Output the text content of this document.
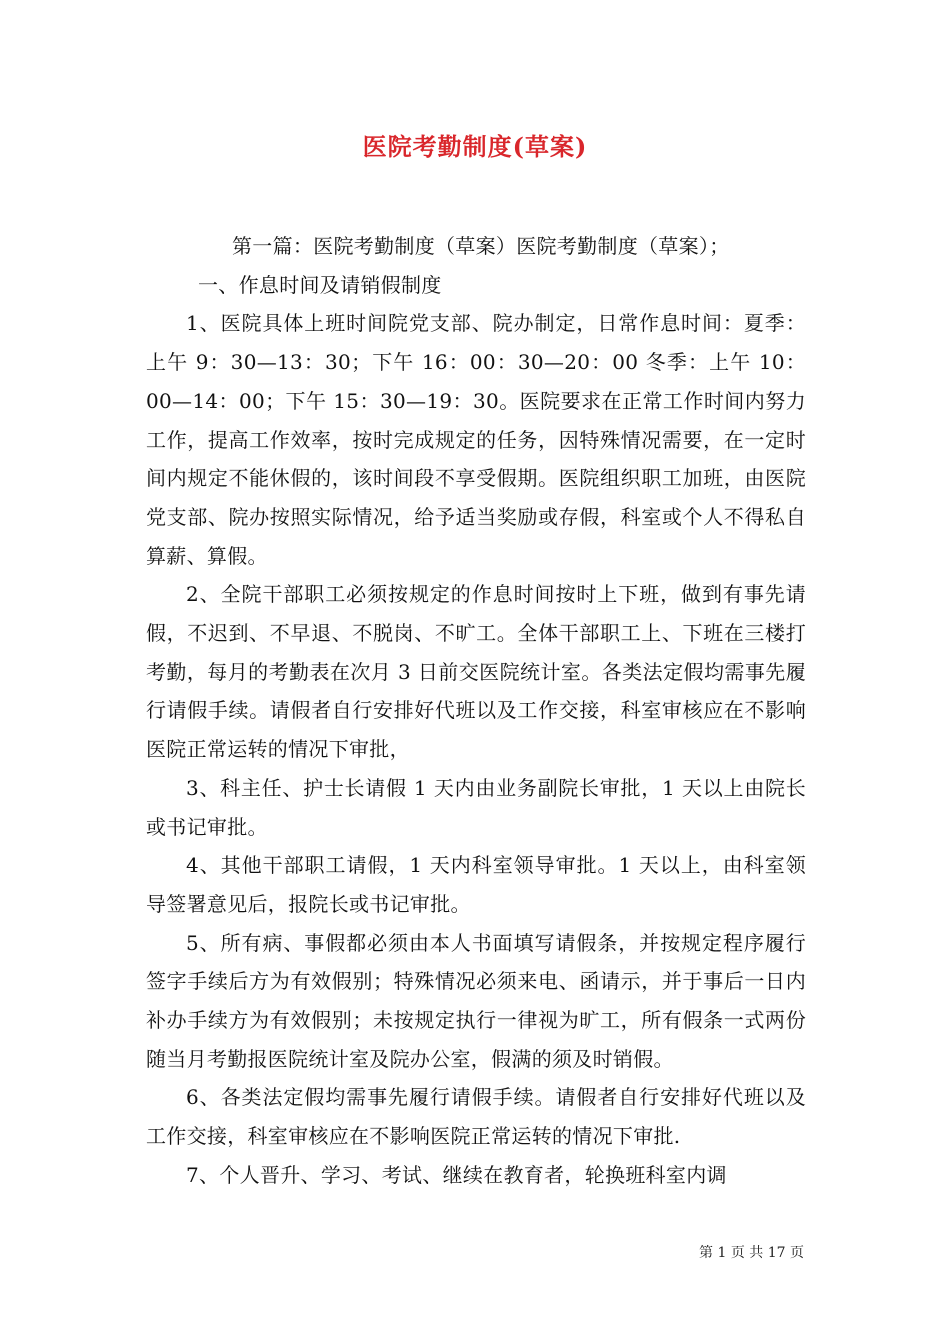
医院考勤制度(草案)

第一篇：医院考勤制度（草案）医院考勤制度（草案）；

一、作息时间及请销假制度

1、医院具体上班时间院党支部、院办制定，日常作息时间：夏季：上午 9：30—13：30；下午 16：00：30—20：00 冬季：上午 10：00—14：00；下午 15：30—19：30。医院要求在正常工作时间内努力工作，提高工作效率，按时完成规定的任务，因特殊情况需要，在一定时间内规定不能休假的，该时间段不享受假期。医院组织职工加班，由医院党支部、院办按照实际情况，给予适当奖励或存假，科室或个人不得私自算薪、算假。

2、全院干部职工必须按规定的作息时间按时上下班，做到有事先请假，不迟到、不早退、不脱岗、不旷工。全体干部职工上、下班在三楼打考勤，每月的考勤表在次月 3 日前交医院统计室。各类法定假均需事先履行请假手续。请假者自行安排好代班以及工作交接，科室审核应在不影响医院正常运转的情况下审批，

3、科主任、护士长请假 1 天内由业务副院长审批，1 天以上由院长或书记审批。

4、其他干部职工请假，1 天内科室领导审批。1 天以上，由科室领导签署意见后，报院长或书记审批。

5、所有病、事假都必须由本人书面填写请假条，并按规定程序履行签字手续后方为有效假别；特殊情况必须来电、函请示，并于事后一日内补办手续方为有效假别；未按规定执行一律视为旷工，所有假条一式两份随当月考勤报医院统计室及院办公室，假满的须及时销假。

6、各类法定假均需事先履行请假手续。请假者自行安排好代班以及工作交接，科室审核应在不影响医院正常运转的情况下审批.

7、个人晋升、学习、考试、继续在教育者，轮换班科室内调

第 1 页 共 17 页
